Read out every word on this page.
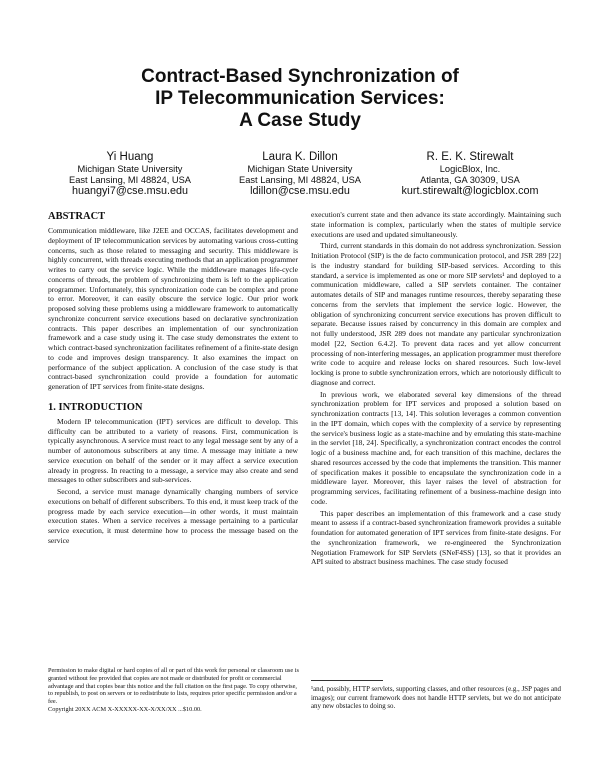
Contract-Based Synchronization of
IP Telecommunication Services:
A Case Study
Yi Huang
Michigan State University
East Lansing, MI 48824, USA
huangyi7@cse.msu.edu
Laura K. Dillon
Michigan State University
East Lansing, MI 48824, USA
ldillon@cse.msu.edu
R. E. K. Stirewalt
LogicBlox, Inc.
Atlanta, GA 30309, USA
kurt.stirewalt@logicblox.com
ABSTRACT

Communication middleware, like J2EE and OCCAS, facilitates development and deployment of IP telecommunication services by automating various cross-cutting concerns, such as those related to messaging and security. This middleware is highly concurrent, with threads executing methods that an application programmer writes to carry out the service logic. While the middleware manages life-cycle concerns of threads, the problem of synchronizing them is left to the application programmer. Unfortunately, this synchronization code can be complex and prone to error. Moreover, it can easily obscure the service logic. Our prior work proposed solving these problems using a middleware framework to automatically synchronize concurrent service executions based on declarative synchronization contracts. This paper describes an implementation of our synchronization framework and a case study using it. The case study demonstrates the extent to which contract-based synchronization facilitates refinement of a finite-state design to code and improves design transparency. It also examines the impact on performance of the subject application. A conclusion of the case study is that contract-based synchronization could provide a foundation for automatic generation of IPT services from finite-state designs.

1. INTRODUCTION

Modern IP telecommunication (IPT) services are difficult to develop. This difficulty can be attributed to a variety of reasons. First, communication is typically asynchronous. A service must react to any legal message sent by any of a number of autonomous subscribers at any time. A message may initiate a new service execution on behalf of the sender or it may affect a service execution already in progress. In reacting to a message, a service may also create and send messages to other subscribers and sub-services.

Second, a service must manage dynamically changing numbers of service executions on behalf of different subscribers. To this end, it must keep track of the progress made by each service execution—in other words, it must maintain execution states. When a service receives a message pertaining to a particular service execution, it must determine how to process the message based on the service

execution's current state and then advance its state accordingly. Maintaining such state information is complex, particularly when the states of multiple service executions are used and updated simultaneously.

Third, current standards in this domain do not address synchronization. Session Initiation Protocol (SIP) is the de facto communication protocol, and JSR 289 [22] is the industry standard for building SIP-based services. According to this standard, a service is implemented as one or more SIP servlets¹ and deployed to a communication middleware, called a SIP servlets container. The container automates details of SIP and manages runtime resources, thereby separating these concerns from the servlets that implement the service logic. However, the obligation of synchronizing concurrent service executions has proven difficult to separate. Because issues raised by concurrency in this domain are complex and not fully understood, JSR 289 does not mandate any particular synchronization model [22, Section 6.4.2]. To prevent data races and yet allow concurrent processing of non-interfering messages, an application programmer must therefore write code to acquire and release locks on shared resources. Such low-level locking is prone to subtle synchronization errors, which are notoriously difficult to diagnose and correct.

In previous work, we elaborated several key dimensions of the thread synchronization problem for IPT services and proposed a solution based on synchronization contracts [13, 14]. This solution leverages a common convention in the IPT domain, which copes with the complexity of a service by representing the service's business logic as a state-machine and by emulating this state-machine in the servlet [18, 24]. Specifically, a synchronization contract encodes the control logic of a business machine and, for each transition of this machine, declares the shared resources accessed by the code that implements the transition. This manner of specification makes it possible to encapsulate the synchronization code in a middleware layer. Moreover, this layer raises the level of abstraction for programming services, facilitating refinement of a business-machine design into code.

This paper describes an implementation of this framework and a case study meant to assess if a contract-based synchronization framework provides a suitable foundation for automated generation of IPT services from finite-state designs. For the synchronization framework, we re-engineered the Synchronization Negotiation Framework for SIP Servlets (SNeF4SS) [13], so that it provides an API suited to abstract business machines. The case study focused

Permission to make digital or hard copies of all or part of this work for personal or classroom use is granted without fee provided that copies are not made or distributed for profit or commercial advantage and that copies bear this notice and the full citation on the first page. To copy otherwise, to republish, to post on servers or to redistribute to lists, requires prior specific permission and/or a fee.

Copyright 20XX ACM X-XXXXX-XX-X/XX/XX ...$10.00.

¹and, possibly, HTTP servlets, supporting classes, and other resources (e.g., JSP pages and images); our current framework does not handle HTTP servlets, but we do not anticipate any new obstacles to doing so.
